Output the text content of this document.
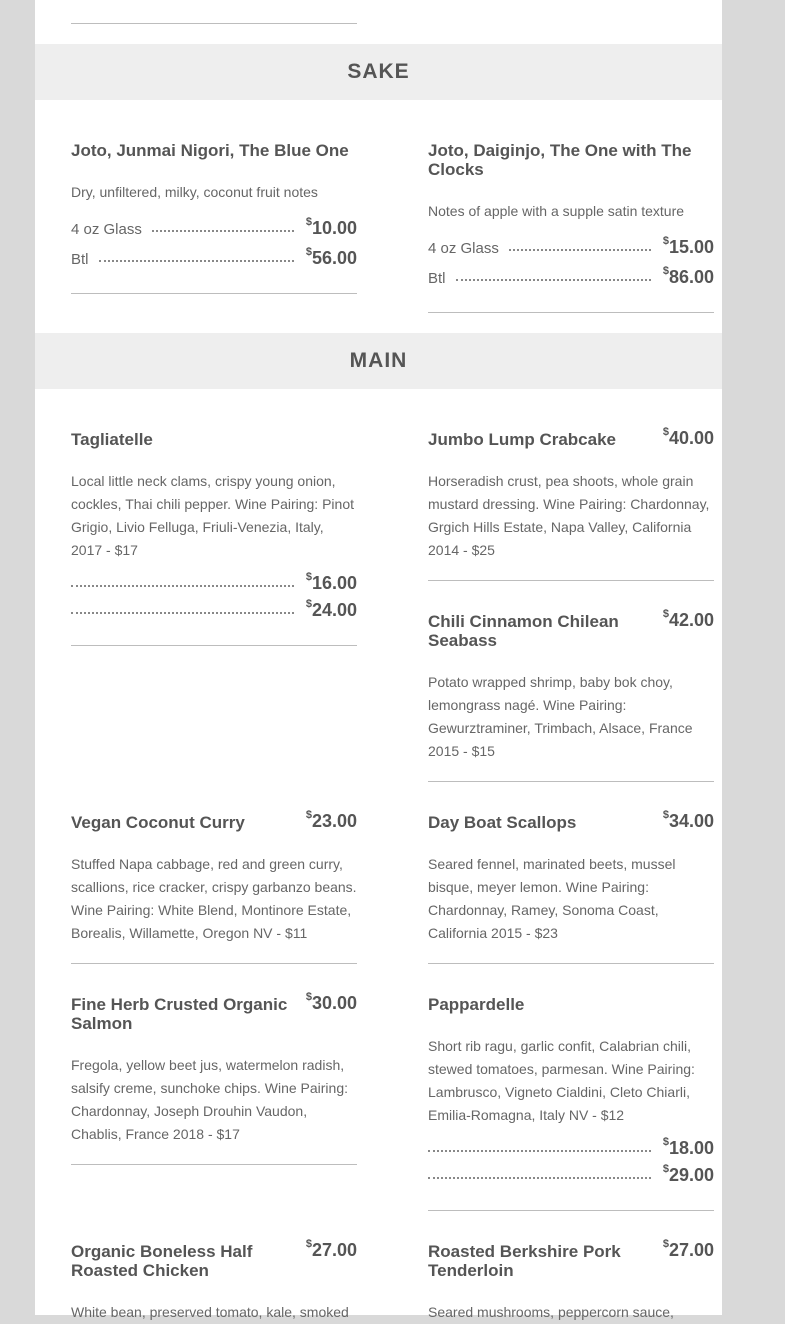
SAKE

Joto, Junmai Nigori, The Blue One

Dry, unfiltered, milky, coconut fruit notes

4 oz Glass	$10.00
Btl	$56.00

Joto, Daiginjo, The One with The Clocks

Notes of apple with a supple satin texture

4 oz Glass	$15.00
Btl	$86.00
MAIN

Tagliatelle

Local little neck clams, crispy young onion, cockles, Thai chili pepper. Wine Pairing: Pinot Grigio, Livio Felluga, Friuli-Venezia, Italy, 2017 - $17

$16.00
$24.00

Jumbo Lump Crabcake	$40.00

Horseradish crust, pea shoots, whole grain mustard dressing. Wine Pairing: Chardonnay, Grgich Hills Estate, Napa Valley, California 2014 - $25

Chili Cinnamon Chilean Seabass

$42.00

Potato wrapped shrimp, baby bok choy, lemongrass nagé. Wine Pairing: Gewurztraminer, Trimbach, Alsace, France 2015 - $15

Vegan Coconut Curry	$23.00

Stuffed Napa cabbage, red and green curry, scallions, rice cracker, crispy garbanzo beans. Wine Pairing: White Blend, Montinore Estate, Borealis, Willamette, Oregon NV - $11

Day Boat Scallops	$34.00

Seared fennel, marinated beets, mussel bisque, meyer lemon. Wine Pairing: Chardonnay, Ramey, Sonoma Coast, California 2015 - $23

Fine Herb Crusted Organic Salmon

$30.00

Fregola, yellow beet jus, watermelon radish, salsify creme, sunchoke chips. Wine Pairing: Chardonnay, Joseph Drouhin Vaudon, Chablis, France 2018 - $17

Pappardelle

Short rib ragu, garlic confit, Calabrian chili, stewed tomatoes, parmesan. Wine Pairing: Lambrusco, Vigneto Cialdini, Cleto Chiarli, Emilia-Romagna, Italy NV - $12

$18.00
$29.00

Organic Boneless Half Roasted Chicken

$27.00

White bean, preserved tomato, kale, smoked

Roasted Berkshire Pork Tenderloin

$27.00

Seared mushrooms, peppercorn sauce,
